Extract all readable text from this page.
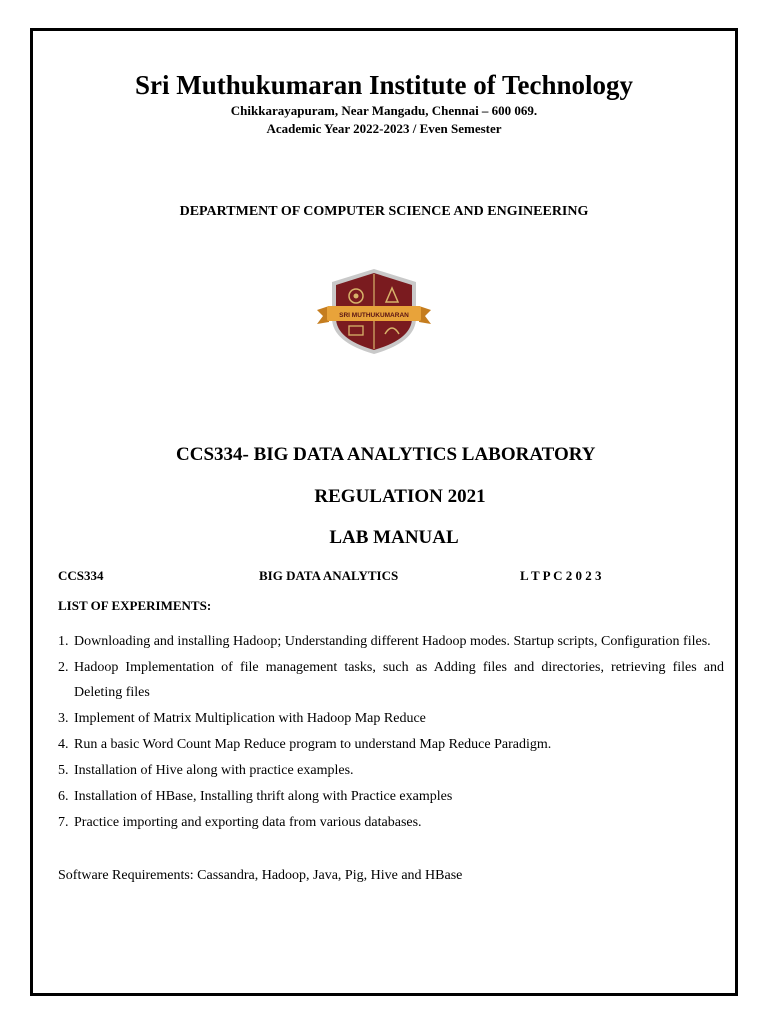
Sri Muthukumaran Institute of Technology
Chikkarayapuram, Near Mangadu, Chennai – 600 069.
Academic Year 2022-2023 / Even Semester
DEPARTMENT OF COMPUTER SCIENCE AND ENGINEERING
SRI MUTHUKUMARAN
CCS334- BIG DATA ANALYTICS LABORATORY
REGULATION 2021
LAB MANUAL
CCS334	BIG DATA ANALYTICS	L T P C 2 0 2 3
LIST OF EXPERIMENTS:
1. Downloading and installing Hadoop; Understanding different Hadoop modes. Startup scripts, Configuration files.
2. Hadoop Implementation of file management tasks, such as Adding files and directories, retrieving files and Deleting files
3. Implement of Matrix Multiplication with Hadoop Map Reduce
4. Run a basic Word Count Map Reduce program to understand Map Reduce Paradigm.
5. Installation of Hive along with practice examples.
6. Installation of HBase, Installing thrift along with Practice examples
7. Practice importing and exporting data from various databases.
Software Requirements: Cassandra, Hadoop, Java, Pig, Hive and HBase
